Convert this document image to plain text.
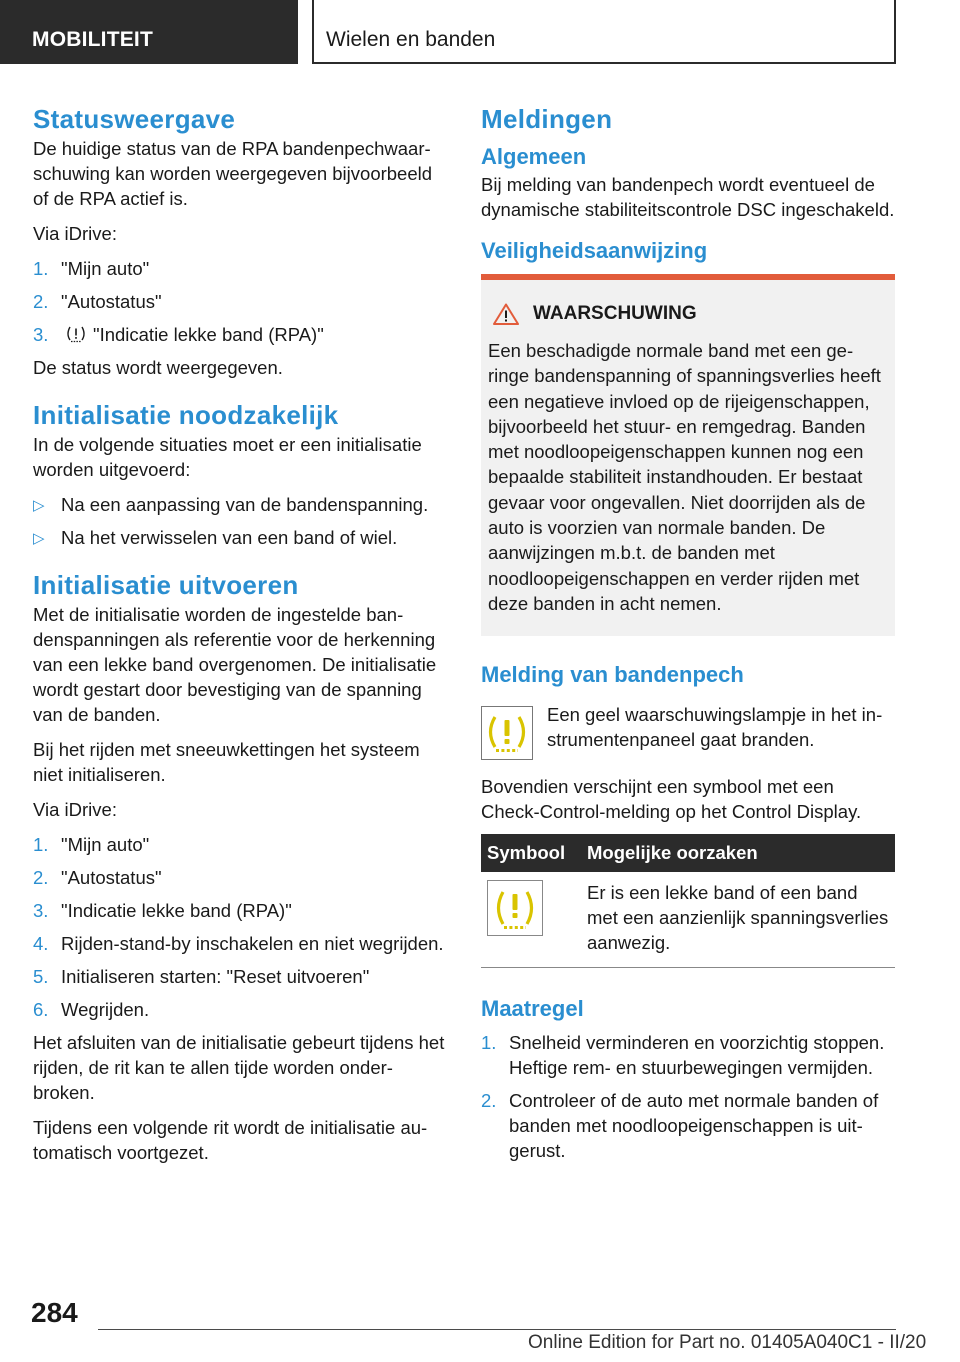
MOBILITEIT	Wielen en banden
Statusweergave

De huidige status van de RPA bandenpechwaarschuwing kan worden weergegeven bijvoorbeeld of de RPA actief is.

Via iDrive:

1. "Mijn auto"
2. "Autostatus"
3. "Indicatie lekke band (RPA)"

De status wordt weergegeven.

Initialisatie noodzakelijk

In de volgende situaties moet er een initialisatie worden uitgevoerd:

▷ Na een aanpassing van de bandenspanning.
▷ Na het verwisselen van een band of wiel.
Initialisatie uitvoeren

Met de initialisatie worden de ingestelde bandenspanningen als referentie voor de herkenning van een lekke band overgenomen. De initialisatie wordt gestart door bevestiging van de spanning van de banden.

Bij het rijden met sneeuwkettingen het systeem niet initialiseren.

Via iDrive:

1. "Mijn auto"
2. "Autostatus"
3. "Indicatie lekke band (RPA)"
4. Rijden-stand-by inschakelen en niet wegrijden.
5. Initialiseren starten: "Reset uitvoeren"
6. Wegrijden.

Het afsluiten van de initialisatie gebeurt tijdens het rijden, de rit kan te allen tijde worden onderbroken.

Tijdens een volgende rit wordt de initialisatie automatisch voortgezet.

Meldingen
Algemeen

Bij melding van bandenpech wordt eventueel de dynamische stabiliteitscontrole DSC ingeschakeld.

Veiligheidsaanwijzing
WAARSCHUWING

Een beschadigde normale band met een geringe bandenspanning of spanningsverlies heeft een negatieve invloed op de rijeigenschappen, bijvoorbeeld het stuur- en remgedrag. Banden met noodloopeigenschappen kunnen nog een bepaalde stabiliteit instandhouden. Er bestaat gevaar voor ongevallen. Niet doorrijden als de auto is voorzien van normale banden. De aanwijzingen m.b.t. de banden met noodloopeigenschappen en verder rijden met deze banden in acht nemen.

Melding van bandenpech

Een geel waarschuwingslampje in het instrumentenpaneel gaat branden.

Bovendien verschijnt een symbool met een Check-Control-melding op het Control Display.

Symbool	Mogelijke oorzaken
	Er is een lekke band of een band met een aanzienlijk spanningsverlies aanwezig.
Maatregel
1. Snelheid verminderen en voorzichtig stoppen. Heftige rem- en stuurbewegingen vermijden.
2. Controleer of de auto met normale banden of banden met noodloopeigenschappen is uitgerust.
284
Online Edition for Part no. 01405A040C1 - II/20
